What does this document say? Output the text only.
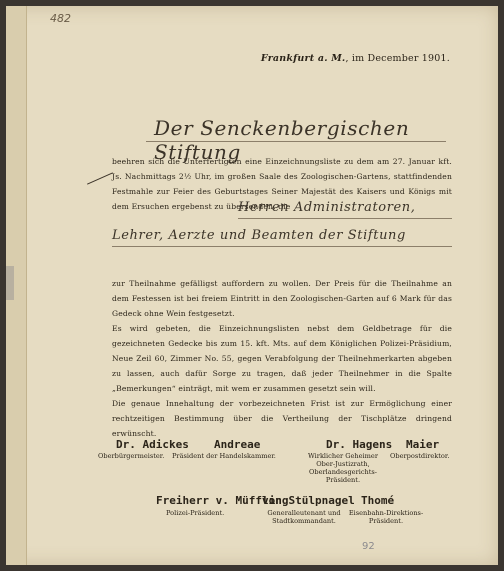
482
Frankfurt a. M., im December 1901.
Der Senckenbergischen Stiftung

beehren sich die Unterfertigten eine Einzeichnungsliste zu dem am 27. Januar kft. Js. Nachmittags 2½ Uhr, im großen Saale des Zoologischen-Gartens, stattfindenden Festmahle zur Feier des Geburtstages Seiner Majestät des Kaisers und Königs mit dem Ersuchen ergebenst zu übersenden, die

Herren Administratoren,
Lehrer, Aerzte und Beamten der Stiftung

zur Theilnahme gefälligst auffordern zu wollen. Der Preis für die Theilnahme an dem Festessen ist bei freiem Eintritt in den Zoologischen-Garten auf 6 Mark für das Gedeck ohne Wein festgesetzt.

Es wird gebeten, die Einzeichnungslisten nebst dem Geldbetrage für die gezeichneten Gedecke bis zum 15. kft. Mts. auf dem Königlichen Polizei-Präsidium, Neue Zeil 60, Zimmer No. 55, gegen Verabfolgung der Theilnehmerkarten abgeben zu lassen, auch dafür Sorge zu tragen, daß jeder Theilnehmer in die Spalte „Bemerkungen“ einträgt, mit wem er zusammen gesetzt sein will.

Die genaue Innehaltung der vorbezeichneten Frist ist zur Ermöglichung einer rechtzeitigen Bestimmung über die Vertheilung der Tischplätze dringend erwünscht.

Dr. Adickes
Oberbürgermeister.
Andreae
Präsident der Handelskammer.
Dr. Hagens
Wirklicher Geheimer Ober-Justizrath, Oberlandesgerichts-Präsident.
Maier
Oberpostdirektor.
Freiherr v. Müffling
Polizei-Präsident.
von Stülpnagel
Generalleutenant und Stadtkommandant.
Thomé
Eisenbahn-Direktions-Präsident.
92
